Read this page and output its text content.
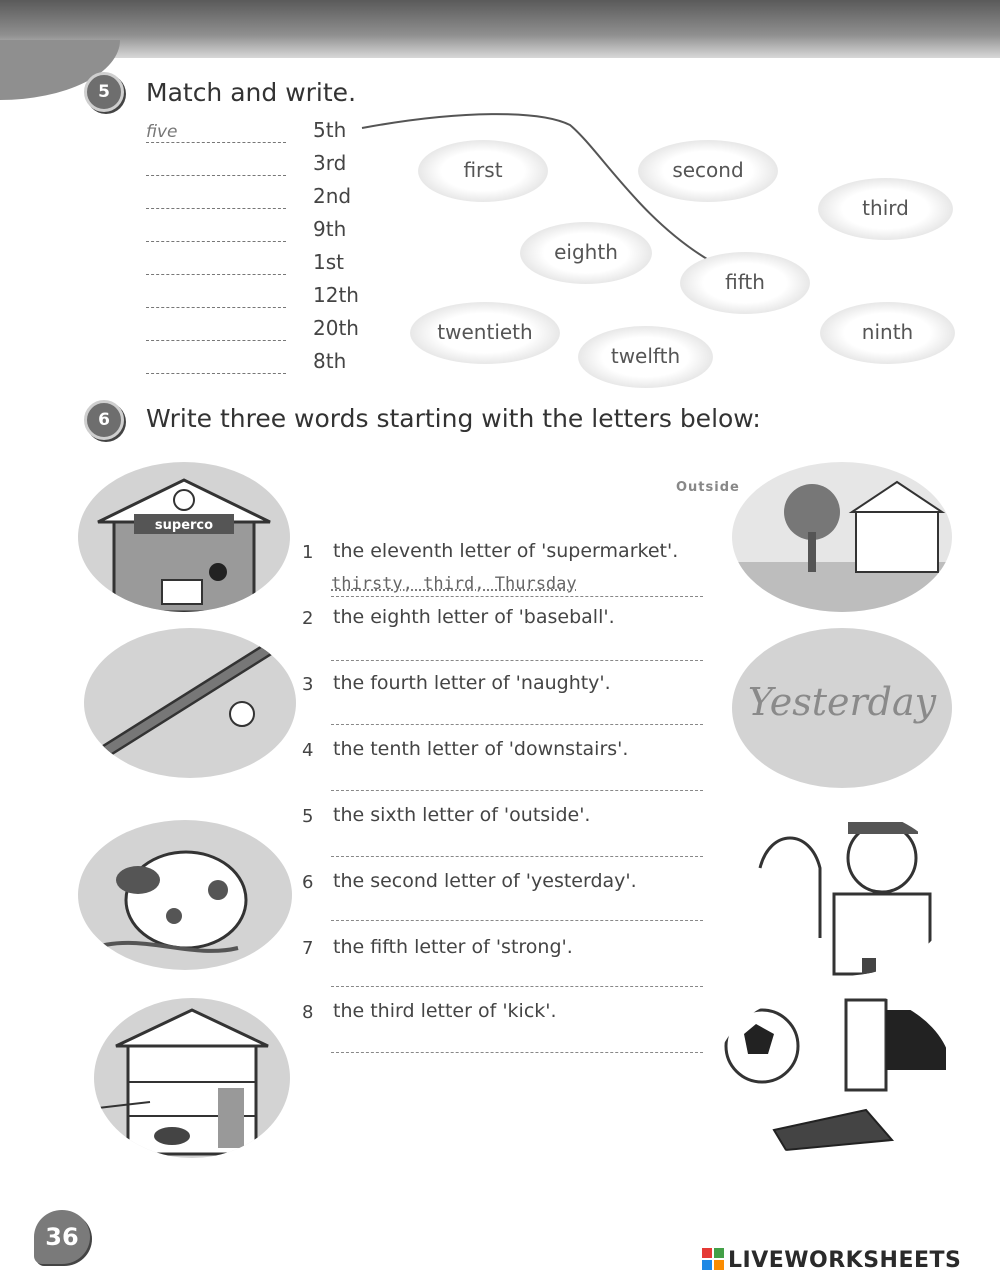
5	Match and write.
five	5th
3rd
2nd
9th
1st
12th
20th
8th
first	second
third
eighth
fifth
twentieth
twelfth
ninth
6	Write three words starting with the letters below:
1 the eleventh letter of 'supermarket'.
thirsty, third, Thursday
2 the eighth letter of 'baseball'.
3 the fourth letter of 'naughty'.
4 the tenth letter of 'downstairs'.
5 the sixth letter of 'outside'.
6 the second letter of 'yesterday'.
7 the fifth letter of 'strong'.
8 the third letter of 'kick'.
superco
Outside
Yesterday
36
LIVEWORKSHEETS
